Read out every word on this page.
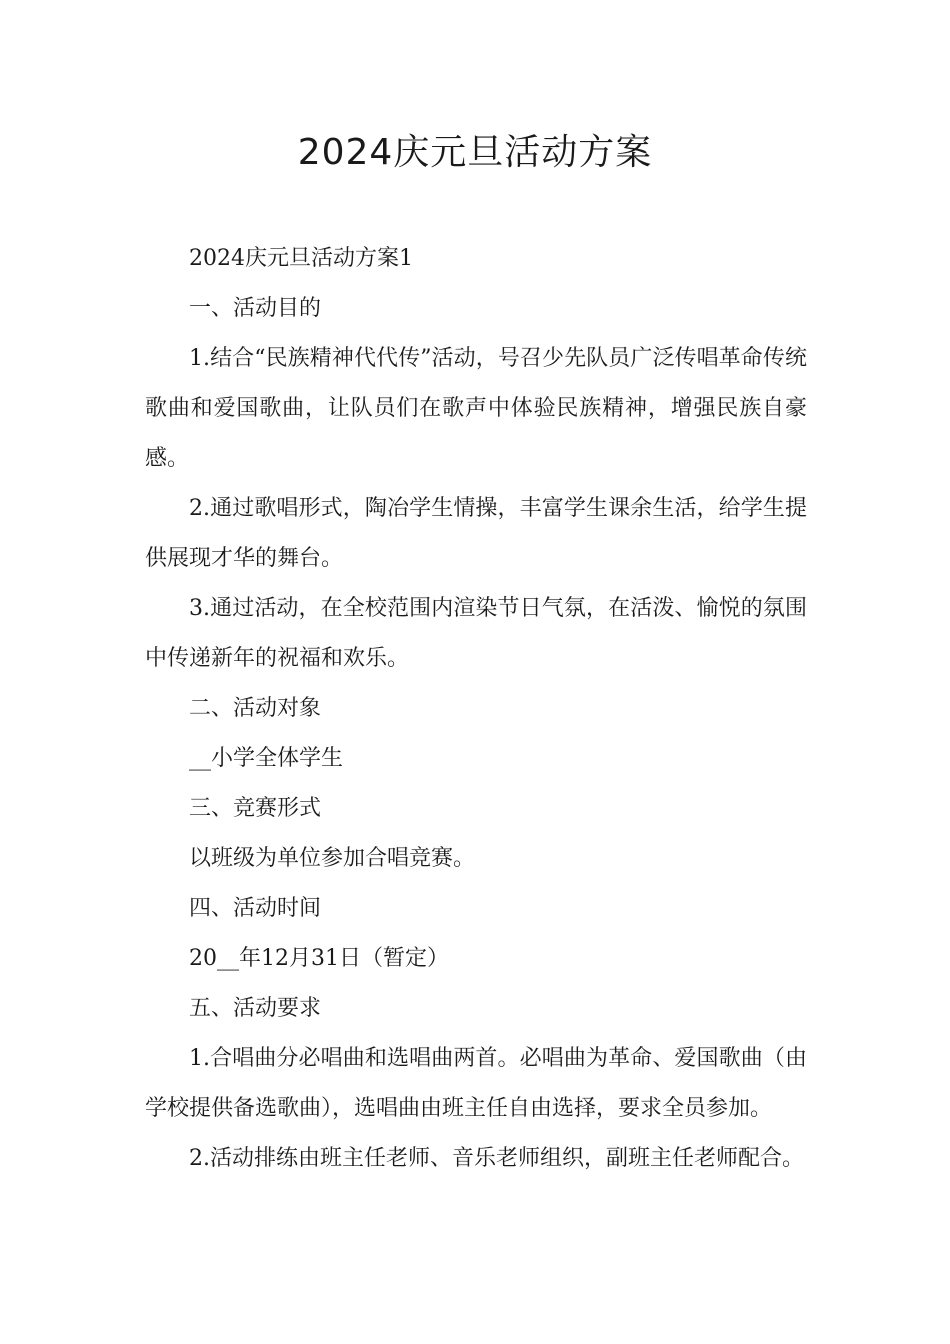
2024庆元旦活动方案

2024庆元旦活动方案1

一、活动目的

1.结合“民族精神代代传”活动，号召少先队员广泛传唱革命传统歌曲和爱国歌曲，让队员们在歌声中体验民族精神，增强民族自豪感。

2.通过歌唱形式，陶冶学生情操，丰富学生课余生活，给学生提供展现才华的舞台。

3.通过活动，在全校范围内渲染节日气氛，在活泼、愉悦的氛围中传递新年的祝福和欢乐。

二、活动对象

__小学全体学生

三、竞赛形式

以班级为单位参加合唱竞赛。

四、活动时间

20__年12月31日（暂定）

五、活动要求

1.合唱曲分必唱曲和选唱曲两首。必唱曲为革命、爱国歌曲（由学校提供备选歌曲），选唱曲由班主任自由选择，要求全员参加。

2.活动排练由班主任老师、音乐老师组织，副班主任老师配合。
